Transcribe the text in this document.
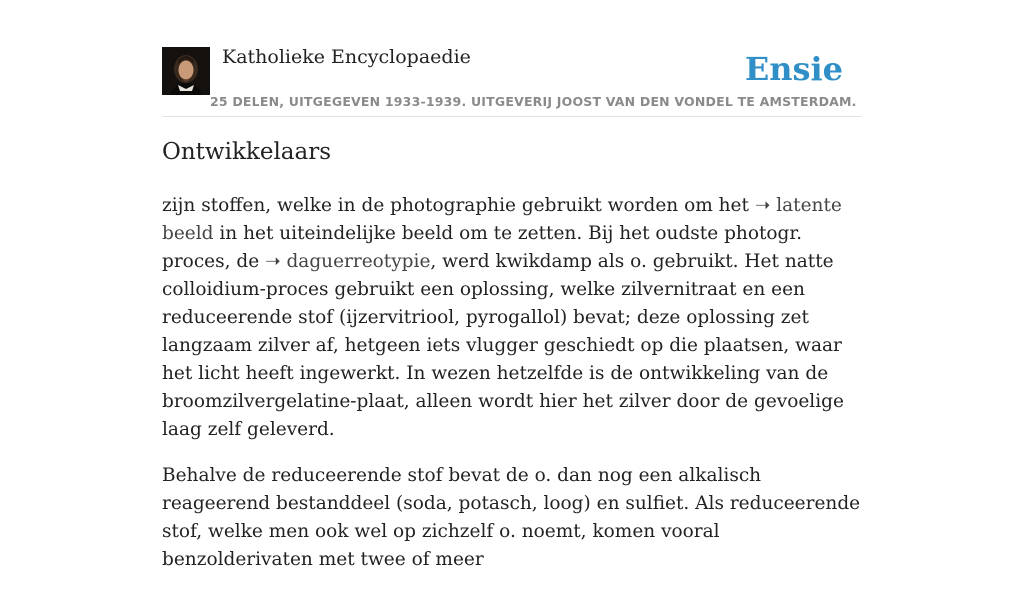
Katholieke Encyclopaedie
25 DELEN, UITGEGEVEN 1933-1939. UITGEVERIJ JOOST VAN DEN VONDEL TE AMSTERDAM.
Ensie
Ontwikkelaars

zijn stoffen, welke in de photographie gebruikt worden om het ➝ latente beeld in het uiteindelijke beeld om te zetten. Bij het oudste photogr. proces, de ➝ daguerreotypie, werd kwikdamp als o. gebruikt. Het natte colloidium-proces gebruikt een oplossing, welke zilvernitraat en een reduceerende stof (ijzervitriool, pyrogallol) bevat; deze oplossing zet langzaam zilver af, hetgeen iets vlugger geschiedt op die plaatsen, waar het licht heeft ingewerkt. In wezen hetzelfde is de ontwikkeling van de broomzilvergelatine-plaat, alleen wordt hier het zilver door de gevoelige laag zelf geleverd.

Behalve de reduceerende stof bevat de o. dan nog een alkalisch reageerend bestanddeel (soda, potasch, loog) en sulfiet. Als reduceerende stof, welke men ook wel op zichzelf o. noemt, komen vooral benzolderivaten met twee of meer
